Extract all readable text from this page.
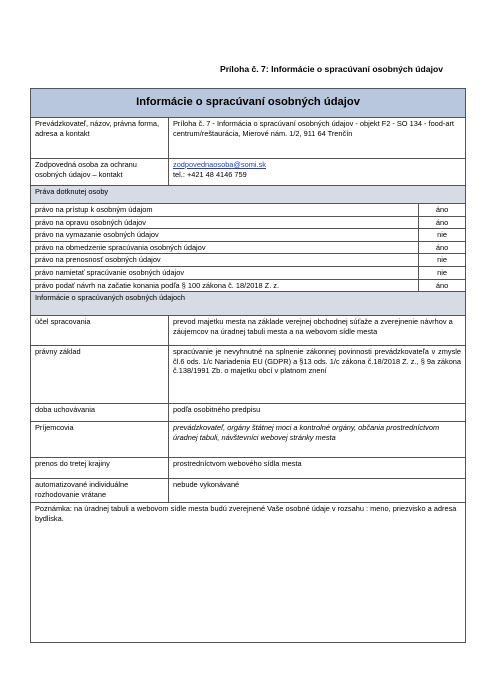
Príloha č. 7: Informácie o spracúvaní osobných údajov
Informácie o spracúvaní osobných údajov		
Prevádzkovateľ, názov, právna forma, adresa a kontakt	Príloha č. 7 - Informácia o spracúvaní osobných údajov - objekt F2 - SO 134 - food-art centrum/reštaurácia, Mierové nám. 1/2, 911 64 Trenčín	

Zodpovedná osoba za ochranu osobných údajov – kontakt	zodpovednaosoba@somi.sk
tel.: +421 48 4146 759	

Práva dotknutej osoby		
právo na prístup k osobným údajom		áno
právo na opravu osobných údajov		áno
právo na vymazanie osobných údajov		nie
právo na obmedzenie spracúvania osobných údajov		áno
právo na prenosnosť osobných údajov		nie
právo namietať spracúvanie osobných údajov		nie
právo podať návrh na začatie konania podľa § 100 zákona č. 18/2018 Z. z.		áno
Informácie o spracúvaných osobných údajoch		
účel spracovania	prevod majetku mesta na základe verejnej obchodnej súťaže a zverejnenie návrhov a záujemcov na úradnej tabuli mesta a na webovom sídle mesta	

právny základ	spracúvanie je nevyhnutné na splnenie zákonnej povinnosti prevádzkovateľa v zmysle čl.6 ods. 1/c Nariadenia EU (GDPR) a §13 ods. 1/c zákona č.18/2018 Z. z., § 9a zákona č.138/1991 Zb. o majetku obcí v platnom znení	
doba uchovávania	podľa osobitného predpisu	
Príjemcovia	prevádzkovateľ, orgány štátnej moci a kontrolné orgány, občania prostredníctvom úradnej tabuli, návštevníci webovej stránky mesta	
prenos do tretej krajiny	prostredníctvom webového sídla mesta	
automatizované individuálne rozhodovanie vrátane	nebude vykonávané	
Poznámka: na úradnej tabuli a webovom sídle mesta budú zverejnené Vaše osobné údaje v rozsahu : meno, priezvisko a adresa bydliska.		
